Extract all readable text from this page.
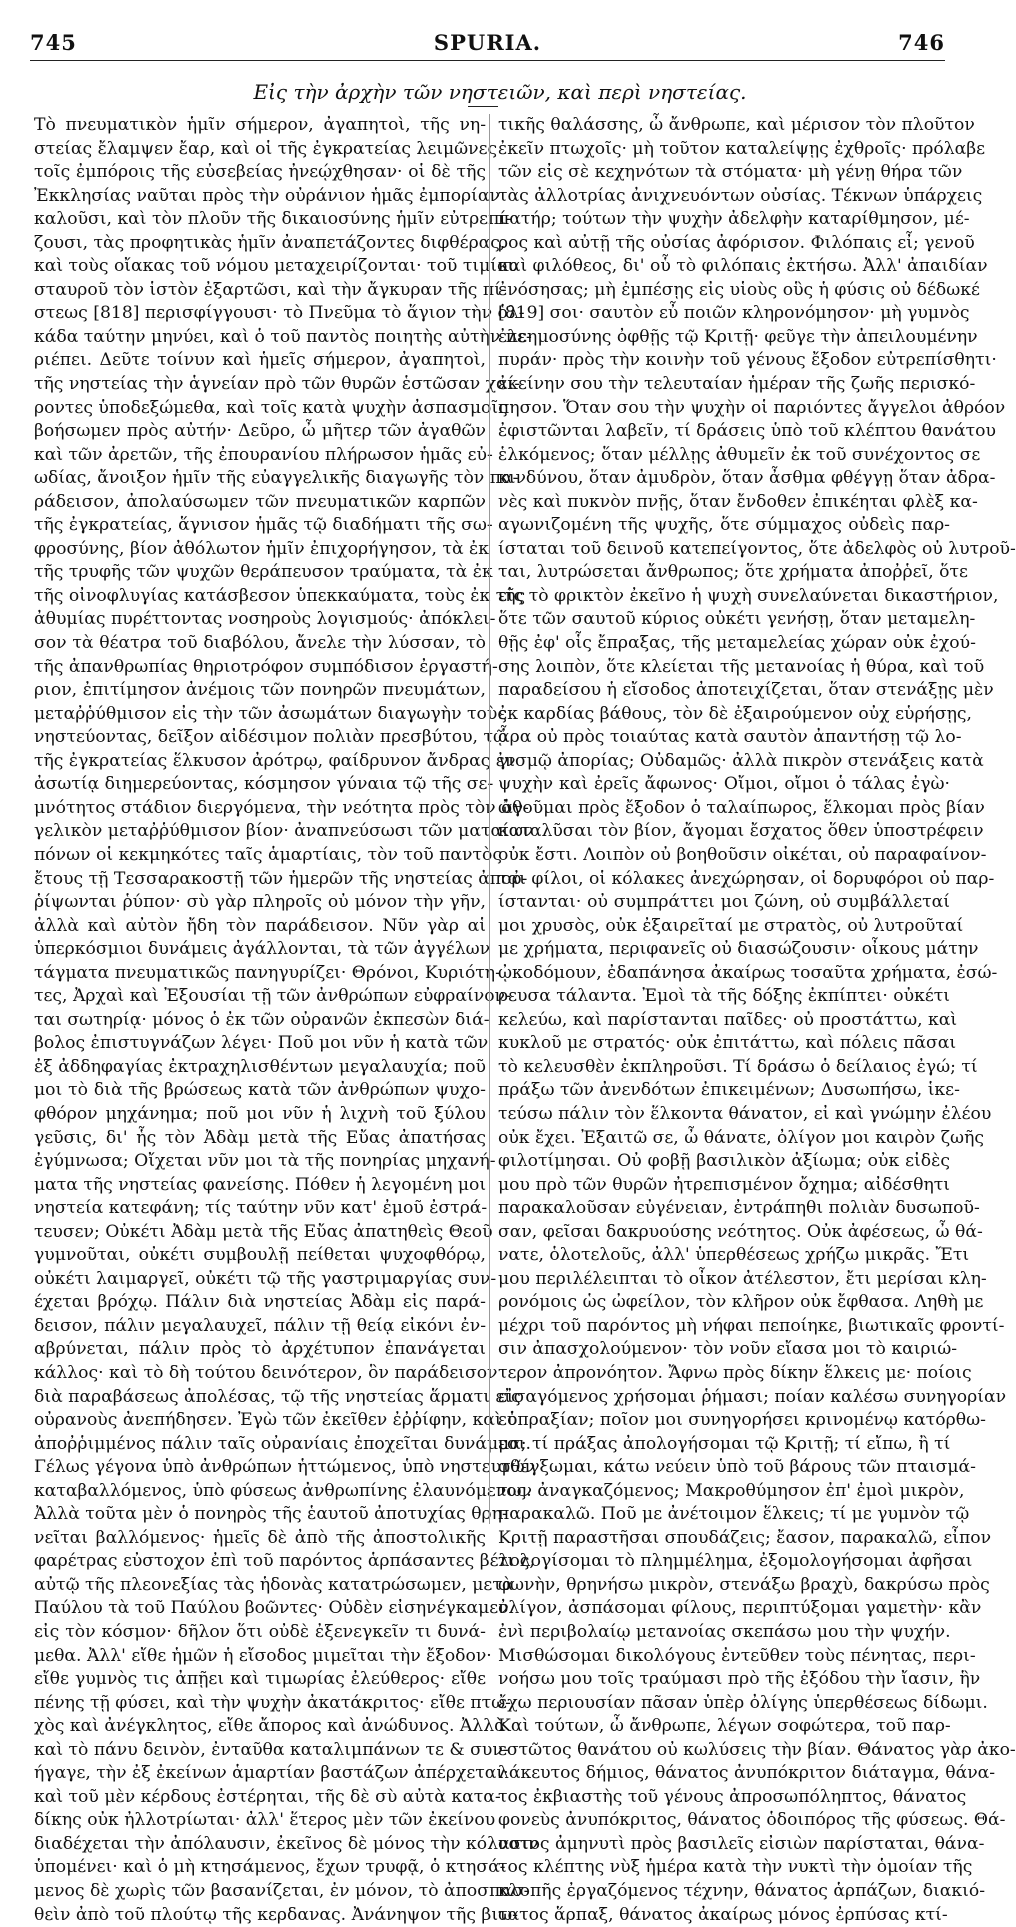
745	SPURIA.	746
Εἰς τὴν ἀρχὴν τῶν νηστειῶν, καὶ περὶ νηστείας.
Τὸ πνευματικὸν ἡμῖν σήμερον, ἀγαπητοὶ, τῆς νη-
στείας ἔλαμψεν ἔαρ, καὶ οἱ τῆς ἐγκρατείας λειμῶνες
τοῖς ἐμπόροις τῆς εὐσεβείας ἠνεῴχθησαν· οἱ δὲ τῆς
Ἐκκλησίας ναῦται πρὸς τὴν οὐράνιον ἡμᾶς ἐμπορίαν
καλοῦσι, καὶ τὸν πλοῦν τῆς δικαιοσύνης ἡμῖν εὐτρεπί-
ζουσι, τὰς προφητικὰς ἡμῖν ἀναπετάζοντες διφθέρας,
καὶ τοὺς οἴακας τοῦ νόμου μεταχειρίζονται· τοῦ τιμίου
σταυροῦ τὸν ἱστὸν ἐξαρτῶσι, καὶ τὴν ἄγκυραν τῆς πί-
στεως [818] περισφίγγουσι· τὸ Πνεῦμα τὸ ἅγιον τὴν ὁλ-
κάδα ταύτην μηνύει, καὶ ὁ τοῦ παντὸς ποιητὴς αὐτὴν πε-
ριέπει. Δεῦτε τοίνυν καὶ ἡμεῖς σήμερον, ἀγαπητοὶ,
τῆς νηστείας τὴν ἁγνείαν πρὸ τῶν θυρῶν ἑστῶσαν χαί-
ροντες ὑποδεξώμεθα, καὶ τοῖς κατὰ ψυχὴν ἀσπασμοῖς
βοήσωμεν πρὸς αὐτήν· Δεῦρο, ὦ μῆτερ τῶν ἀγαθῶν
καὶ τῶν ἀρετῶν, τῆς ἐπουρανίου πλήρωσον ἡμᾶς εὐ-
ωδίας, ἄνοιξον ἡμῖν τῆς εὐαγγελικῆς διαγωγῆς τὸν πα-
ράδεισον, ἀπολαύσωμεν τῶν πνευματικῶν καρπῶν
τῆς ἐγκρατείας, ἅγνισον ἡμᾶς τῷ διαδήματι τῆς σω-
φροσύνης, βίον ἀθόλωτον ἡμῖν ἐπιχορήγησον, τὰ ἐκ
τῆς τρυφῆς τῶν ψυχῶν θεράπευσον τραύματα, τὰ ἐκ
τῆς οἰνοφλυγίας κατάσβεσον ὑπεκκαύματα, τοὺς ἐκ τῆς
ἀθυμίας πυρέττοντας νοσηροὺς λογισμούς· ἀπόκλει-
σον τὰ θέατρα τοῦ διαβόλου, ἄνελε τὴν λύσσαν, τὸ
τῆς ἀπανθρωπίας θηριοτρόφον συμπόδισον ἐργαστή-
ριον, ἐπιτίμησον ἀνέμοις τῶν πονηρῶν πνευμάτων,
μεταῤῥύθμισον εἰς τὴν τῶν ἀσωμάτων διαγωγὴν τοὺς
νηστεύοντας, δεῖξον αἰδέσιμον πολιὰν πρεσβύτου, τῷ
τῆς ἐγκρατείας ἕλκυσον ἀρότρῳ, φαίδρυνον ἄνδρας ἐν
ἀσωτίᾳ διημερεύοντας, κόσμησον γύναια τῷ τῆς σε-
μνότητος στάδιον διεργόμενα, τὴν νεότητα πρὸς τὸν ἀγ-
γελικὸν μεταῤῥύθμισον βίον· ἀναπνεύσωσι τῶν ματαίων
πόνων οἱ κεκμηκότες ταῖς ἁμαρτίαις, τὸν τοῦ παντὸς
ἔτους τῇ Τεσσαρακοστῇ τῶν ἡμερῶν τῆς νηστείας ἀποῤ-
ῥίψωνται ῥύπον· σὺ γὰρ πληροῖς οὐ μόνον τὴν γῆν,
ἀλλὰ καὶ αὐτὸν ἤδη τὸν παράδεισον. Νῦν γὰρ αἱ
ὑπερκόσμιοι δυνάμεις ἀγάλλονται, τὰ τῶν ἀγγέλων
τάγματα πνευματικῶς πανηγυρίζει· Θρόνοι, Κυριότη-
τες, Ἀρχαὶ καὶ Ἐξουσίαι τῇ τῶν ἀνθρώπων εὐφραίνον-
ται σωτηρίᾳ· μόνος ὁ ἐκ τῶν οὐρανῶν ἐκπεσὼν διά-
βολος ἐπιστυγνάζων λέγει· Ποῦ μοι νῦν ἡ κατὰ τῶν
ἐξ ἀδδηφαγίας ἐκτραχηλισθέντων μεγαλαυχία; ποῦ
μοι τὸ διὰ τῆς βρώσεως κατὰ τῶν ἀνθρώπων ψυχο-
φθόρον μηχάνημα; ποῦ μοι νῦν ἡ λιχνὴ τοῦ ξύλου
γεῦσις, δι' ἧς τὸν Ἀδὰμ μετὰ τῆς Εὔας ἀπατήσας
ἐγύμνωσα; Οἴχεται νῦν μοι τὰ τῆς πονηρίας μηχανή-
ματα τῆς νηστείας φανείσης. Πόθεν ἡ λεγομένη μοι
νηστεία κατεφάνη; τίς ταύτην νῦν κατ' ἐμοῦ ἐστρά-
τευσεν; Οὐκέτι Ἀδὰμ μετὰ τῆς Εὔας ἀπατηθεὶς Θεοῦ
γυμνοῦται, οὐκέτι συμβουλῇ πείθεται ψυχοφθόρῳ,
οὐκέτι λαιμαργεῖ, οὐκέτι τῷ τῆς γαστριμαργίας συν-
έχεται βρόχῳ. Πάλιν διὰ νηστείας Ἀδὰμ εἰς παρά-
δεισον, πάλιν μεγαλαυχεῖ, πάλιν τῇ θείᾳ εἰκόνι ἐν-
αβρύνεται, πάλιν πρὸς τὸ ἀρχέτυπον ἐπανάγεται
κάλλος· καὶ τὸ δὴ τούτου δεινότερον, ὃν παράδεισον
διὰ παραβάσεως ἀπολέσας, τῷ τῆς νηστείας ἅρματι εἰς
οὐρανοὺς ἀνεπήδησεν. Ἐγὼ τῶν ἐκεῖθεν ἐῤῥίφην, καὶ ὁ
ἀποῤῥιμμένος πάλιν ταῖς οὐρανίαις ἐποχεῖται δυνάμεσι.
Γέλως γέγονα ὑπὸ ἀνθρώπων ἡττώμενος, ὑπὸ νηστευτῶν
καταβαλλόμενος, ὑπὸ φύσεως ἀνθρωπίνης ἐλαυνόμενος.
Ἀλλὰ τοῦτα μὲν ὁ πονηρὸς τῆς ἑαυτοῦ ἀποτυχίας θρη-
νεῖται βαλλόμενος· ἡμεῖς δὲ ἀπὸ τῆς ἀποστολικῆς
φαρέτρας εὐστοχον ἐπὶ τοῦ παρόντος ἁρπάσαντες βέλος,
αὐτῷ τῆς πλεονεξίας τὰς ἡδονὰς κατατρώσωμεν, μετὰ
Παύλου τὰ τοῦ Παύλου βοῶντες· Οὐδὲν εἰσηνέγκαμεν
εἰς τὸν κόσμον· δῆλον ὅτι οὐδὲ ἐξενεγκεῖν τι δυνά-
μεθα. Ἀλλ' εἴθε ἡμῶν ἡ εἴσοδος μιμεῖται τὴν ἔξοδον·
εἴθε γυμνὸς τις ἀπῇει καὶ τιμωρίας ἐλεύθερος· εἴθε
πένης τῇ φύσει, καὶ τὴν ψυχὴν ἀκατάκριτος· εἴθε πτω-
χὸς καὶ ἀνέγκλητος, εἴθε ἄπορος καὶ ἀνώδυνος. Ἀλλὰ
καὶ τὸ πάνυ δεινὸν, ἐνταῦθα καταλιμπάνων τε & συν-
ήγαγε, τὴν ἐξ ἐκείνων ἁμαρτίαν βαστάζων ἀπέρχεται·
καὶ τοῦ μὲν κέρδους ἐστέρηται, τῆς δὲ σὺ αὐτὰ κατα-
δίκης οὐκ ἠλλοτρίωται· ἀλλ' ἕτερος μὲν τῶν ἐκείνου
διαδέχεται τὴν ἀπόλαυσιν, ἐκεῖνος δὲ μόνος τὴν κόλασιν
ὑπομένει· καὶ ὁ μὴ κτησάμενος, ἔχων τρυφᾷ, ὁ κτησά-
μενος δὲ χωρὶς τῶν βασανίζεται, ἐν μόνον, τὸ ἀποσπασ-
θεὶν ἀπὸ τοῦ πλούτῳ τῆς κερδανας. Ἀνάνηψον τῆς βιω-
τικῆς θαλάσσης, ὦ ἄνθρωπε, καὶ μέρισον τὸν πλοῦτον
ἐκεῖν πτωχοῖς· μὴ τοῦτον καταλείψῃς ἐχθροῖς· πρόλαβε
τῶν εἰς σὲ κεχηνότων τὰ στόματα· μὴ γένῃ θήρα τῶν
τὰς ἀλλοτρίας ἀνιχνευόντων οὐσίας. Τέκνων ὑπάρχεις
πατήρ; τούτων τὴν ψυχὴν ἀδελφὴν καταρίθμησον, μέ-
ρος καὶ αὐτῇ τῆς οὐσίας ἀφόρισον. Φιλόπαις εἶ; γενοῦ
καὶ φιλόθεος, δι' οὗ τὸ φιλόπαις ἐκτήσω. Ἀλλ' ἀπαιδίαν
ἐνόσησας; μὴ ἐμπέσῃς εἰς υἱοὺς οὓς ἡ φύσις οὐ δέδωκέ
[819] σοι· σαυτὸν εὖ ποιῶν κληρονόμησον· μὴ γυμνὸς
ἐλεημοσύνης ὀφθῇς τῷ Κριτῇ· φεῦγε τὴν ἀπειλουμένην
πυράν· πρὸς τὴν κοινὴν τοῦ γένους ἔξοδον εὐτρεπίσθητι·
ἐκείνην σου τὴν τελευταίαν ἡμέραν τῆς ζωῆς περισκό-
πησον. Ὅταν σου τὴν ψυχὴν οἱ παριόντες ἄγγελοι ἀθρόον
ἐφιστῶνται λαβεῖν, τί δράσεις ὑπὸ τοῦ κλέπτου θανάτου
ἑλκόμενος; ὅταν μέλλῃς ἀθυμεῖν ἐκ τοῦ συνέχοντος σε
κινδύνου, ὅταν ἀμυδρὸν, ὅταν ἆσθμα φθέγγῃ ὅταν ἀδρα-
νὲς καὶ πυκνὸν πνῇς, ὅταν ἔνδοθεν ἐπικέηται φλὲξ κα-
αγωνιζομένη τῆς ψυχῆς, ὅτε σύμμαχος οὐδεὶς παρ-
ίσταται τοῦ δεινοῦ κατεπείγοντος, ὅτε ἀδελφὸς οὐ λυτροῦ-
ται, λυτρώσεται ἄνθρωπος; ὅτε χρήματα ἀποῤῥεῖ, ὅτε
εἰς τὸ φρικτὸν ἐκεῖνο ἡ ψυχὴ συνελαύνεται δικαστήριον,
ὅτε τῶν σαυτοῦ κύριος οὐκέτι γενήσῃ, ὅταν μεταμελη-
θῇς ἐφ' οἷς ἔπραξας, τῆς μεταμελείας χώραν οὐκ ἐχού-
σης λοιπὸν, ὅτε κλείεται τῆς μετανοίας ἡ θύρα, καὶ τοῦ
παραδείσου ἡ εἴσοδος ἀποτειχίζεται, ὅταν στενάξῃς μὲν
ἐκ καρδίας βάθους, τὸν δὲ ἐξαιρούμενον οὐχ εὑρήσῃς,
ἆρα οὐ πρὸς τοιαύτας κατὰ σαυτὸν ἀπαντήσῃ τῷ λο-
γισμῷ ἀπορίας; Οὐδαμῶς· ἀλλὰ πικρὸν στενάξεις κατὰ
ψυχὴν καὶ ἐρεῖς ἄφωνος· Οἴμοι, οἴμοι ὁ τάλας ἐγὼ·
ὠθοῦμαι πρὸς ἔξοδον ὁ ταλαίπωρος, ἕλκομαι πρὸς βίαν
καταλῦσαι τὸν βίον, ἄγομαι ἔσχατος ὅθεν ὑποστρέφειν
οὐκ ἔστι. Λοιπὸν οὐ βοηθοῦσιν οἰκέται, οὐ παραφαίνον-
ται φίλοι, οἱ κόλακες ἀνεχώρησαν, οἱ δορυφόροι οὐ παρ-
ίστανται· οὐ συμπράττει μοι ζώνη, οὐ συμβάλλεταί
μοι χρυσὸς, οὐκ ἐξαιρεῖταί με στρατὸς, οὐ λυτροῦταί
με χρήματα, περιφανεῖς οὐ διασώζουσιν· οἶκους μάτην
ᾠκοδόμουν, ἐδαπάνησα ἀκαίρως τοσαῦτα χρήματα, ἐσώ-
ρευσα τάλαντα. Ἐμοὶ τὰ τῆς δόξης ἐκπίπτει· οὐκέτι
κελεύω, καὶ παρίστανται παῖδες· οὐ προστάττω, καὶ
κυκλοῦ με στρατός· οὐκ ἐπιτάττω, καὶ πόλεις πᾶσαι
τὸ κελευσθὲν ἐκπληροῦσι. Τί δράσω ὁ δείλαιος ἐγώ; τί
πράξω τῶν ἀνενδότων ἐπικειμένων; Δυσωπήσω, ἱκε-
τεύσω πάλιν τὸν ἕλκοντα θάνατον, εἰ καὶ γνώμην ἐλέου
οὐκ ἔχει. Ἐξαιτῶ σε, ὦ θάνατε, ὀλίγον μοι καιρὸν ζωῆς
φιλοτίμησαι. Οὐ φοβῇ βασιλικὸν ἀξίωμα; οὐκ εἰδὲς
μου πρὸ τῶν θυρῶν ἠτρεπισμένον ὄχημα; αἰδέσθητι
παρακαλοῦσαν εὐγένειαν, ἐντράπηθι πολιὰν δυσωποῦ-
σαν, φεῖσαι δακρυούσης νεότητος. Οὐκ ἀφέσεως, ὦ θά-
νατε, ὁλοτελοῦς, ἀλλ' ὑπερθέσεως χρήζω μικρᾶς. Ἔτι
μου περιλέλειπται τὸ οἶκον ἀτέλεστον, ἔτι μερίσαι κλη-
ρονόμοις ὡς ὠφείλον, τὸν κλῆρον οὐκ ἔφθασα. Ληθὴ με
μέχρι τοῦ παρόντος μὴ νήφαι πεποίηκε, βιωτικαῖς φροντί-
σιν ἀπασχολούμενον· τὸν νοῦν εἴασα μοι τὸ καιριώ-
τερον ἀπρονόητον. Ἄφνω πρὸς δίκην ἕλκεις με· ποίοις
εἰσαγόμενος χρήσομαι ῥήμασι; ποίαν καλέσω συνηγορίαν
εὐπραξίαν; ποῖον μοι συνηγορήσει κρινομένῳ κατόρθω-
μα; τί πράξας ἀπολογήσομαι τῷ Κριτῇ; τί εἴπω, ἢ τί
φθέγξωμαι, κάτω νεύειν ὑπὸ τοῦ βάρους τῶν πταισμά-
των ἀναγκαζόμενος; Μακροθύμησον ἐπ' ἐμοὶ μικρὸν,
παρακαλῶ. Ποῦ με ἀνέτοιμον ἕλκεις; τί με γυμνὸν τῷ
Κριτῇ παραστῆσαι σπουδάζεις; ἔασον, παρακαλῶ, εἶπον
τι λογίσομαι τὸ πλημμέλημα, ἐξομολογήσομαι ἀφῆσαι
φωνὴν, θρηνήσω μικρὸν, στενάξω βραχὺ, δακρύσω πρὸς
ὀλίγον, ἀσπάσομαι φίλους, περιπτύξομαι γαμετὴν· κἂν
ἐνὶ περιβολαίῳ μετανοίας σκεπάσω μου τὴν ψυχήν.
Μισθώσομαι δικολόγους ἐντεῦθεν τοὺς πένητας, περι-
νοήσω μου τοῖς τραύμασι πρὸ τῆς ἐξόδου τὴν ἴασιν, ἣν
ἔχω περιουσίαν πᾶσαν ὑπὲρ ὀλίγης ὑπερθέσεως δίδωμι.
Καὶ τούτων, ὦ ἄνθρωπε, λέγων σοφώτερα, τοῦ παρ-
εστῶτος θανάτου οὐ κωλύσεις τὴν βίαν. Θάνατος γὰρ ἀκο-
λάκευτος δήμιος, θάνατος ἀνυπόκριτον διάταγμα, θάνα-
τος ἐκβιαστὴς τοῦ γένους ἀπροσωπόληπτος, θάνατος
φονεὺς ἀνυπόκριτος, θάνατος ὁδοιπόρος τῆς φύσεως. Θά-
νατος ἀμηνυτὶ πρὸς βασιλεῖς εἰσιὼν παρίσταται, θάνα-
τος κλέπτης νὺξ ἡμέρα κατὰ τὴν νυκτὶ τὴν ὁμοίαν τῆς
κλοπῆς ἐργαζόμενος τέχνην, θάνατος ἁρπάζων, διακιό-
τατος ἅρπαξ, θάνατος ἀκαίρως μόνος ἐρπύσας κτί-
